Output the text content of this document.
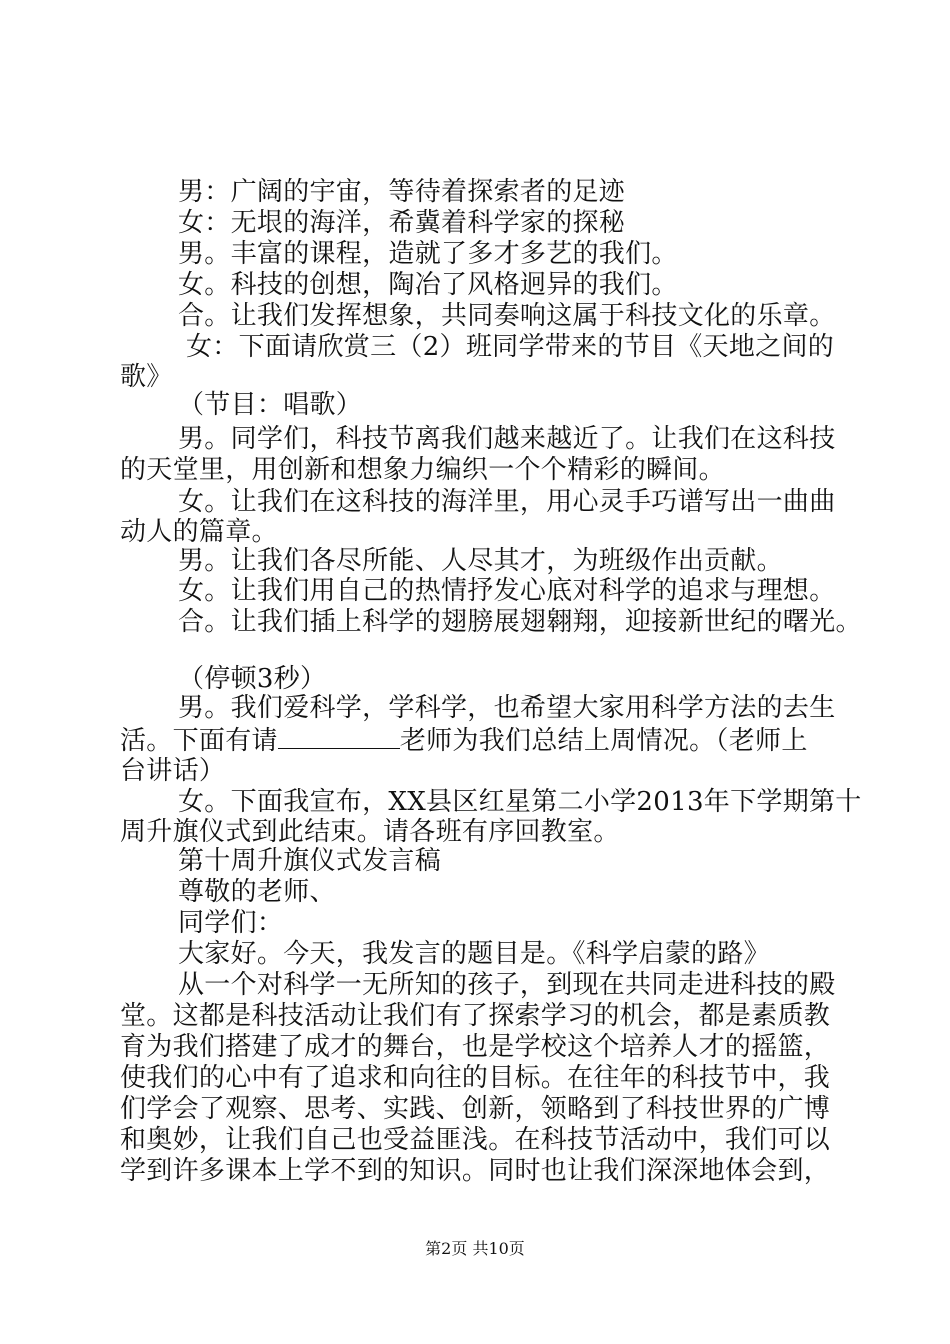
男：广阔的宇宙，等待着探索者的足迹
女：无垠的海洋，希冀着科学家的探秘
男。丰富的课程，造就了多才多艺的我们。
女。科技的创想，陶冶了风格迥异的我们。
合。让我们发挥想象，共同奏响这属于科技文化的乐章。
女：下面请欣赏三（2）班同学带来的节目《天地之间的
歌》
（节目：唱歌）
男。同学们，科技节离我们越来越近了。让我们在这科技
的天堂里，用创新和想象力编织一个个精彩的瞬间。
女。让我们在这科技的海洋里，用心灵手巧谱写出一曲曲
动人的篇章。
男。让我们各尽所能、人尽其才，为班级作出贡献。
女。让我们用自己的热情抒发心底对科学的追求与理想。
合。让我们插上科学的翅膀展翅翱翔，迎接新世纪的曙光。
（停顿3秒）
男。我们爱科学，学科学，也希望大家用科学方法的去生
活。下面有请	老师为我们总结上周情况。（老师上
台讲话）
女。下面我宣布，XX县区红星第二小学2013年下学期第十
周升旗仪式到此结束。请各班有序回教室。
第十周升旗仪式发言稿
尊敬的老师、
同学们：
大家好。今天，我发言的题目是。《科学启蒙的路》
从一个对科学一无所知的孩子，到现在共同走进科技的殿
堂。这都是科技活动让我们有了探索学习的机会，都是素质教
育为我们搭建了成才的舞台，也是学校这个培养人才的摇篮，
使我们的心中有了追求和向往的目标。在往年的科技节中，我
们学会了观察、思考、实践、创新，领略到了科技世界的广博
和奥妙，让我们自己也受益匪浅。在科技节活动中，我们可以
学到许多课本上学不到的知识。同时也让我们深深地体会到，
第2页 共10页
